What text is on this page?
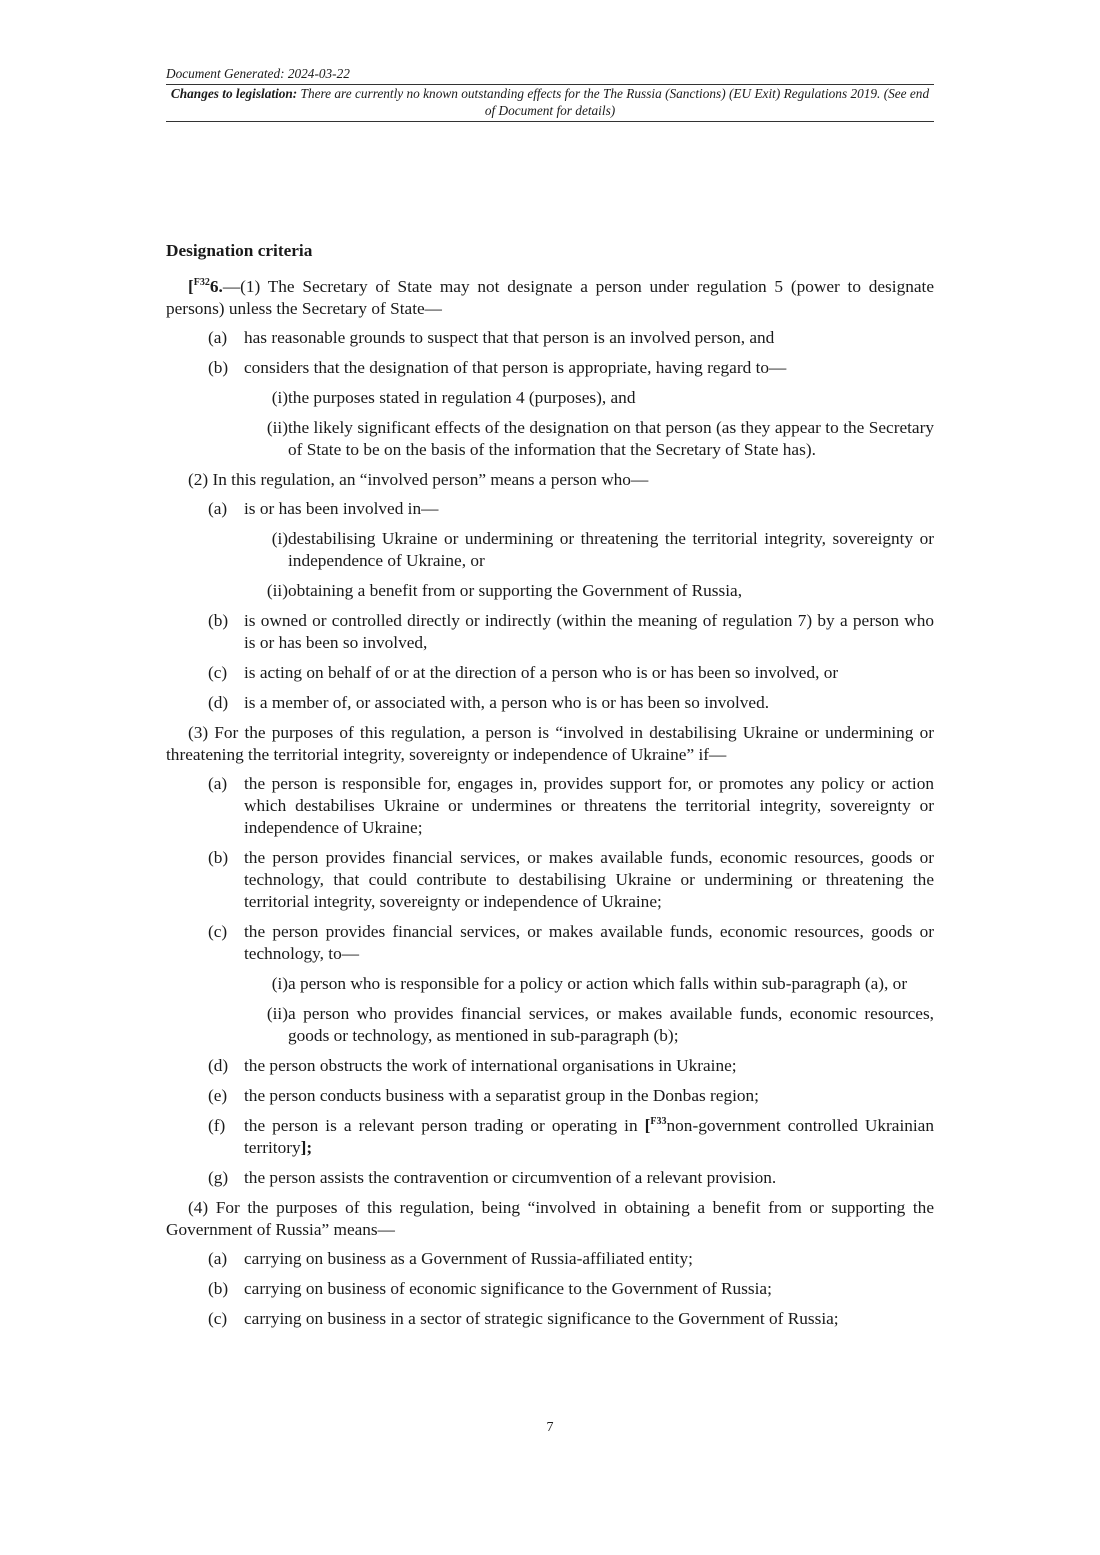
Document Generated: 2024-03-22
Changes to legislation: There are currently no known outstanding effects for the The Russia (Sanctions) (EU Exit) Regulations 2019. (See end of Document for details)
Designation criteria

[$^{F32}$6.—(1) The Secretary of State may not designate a person under regulation 5 (power to designate persons) unless the Secretary of State—

(a) has reasonable grounds to suspect that that person is an involved person, and
(b) considers that the designation of that person is appropriate, having regard to—
(i) the purposes stated in regulation 4 (purposes), and
(ii) the likely significant effects of the designation on that person (as they appear to the Secretary of State to be on the basis of the information that the Secretary of State has).

(2) In this regulation, an “involved person” means a person who—

(a) is or has been involved in—
(i) destabilising Ukraine or undermining or threatening the territorial integrity, sovereignty or independence of Ukraine, or
(ii) obtaining a benefit from or supporting the Government of Russia,
(b) is owned or controlled directly or indirectly (within the meaning of regulation 7) by a person who is or has been so involved,
(c) is acting on behalf of or at the direction of a person who is or has been so involved, or
(d) is a member of, or associated with, a person who is or has been so involved.

(3) For the purposes of this regulation, a person is “involved in destabilising Ukraine or undermining or threatening the territorial integrity, sovereignty or independence of Ukraine” if—

(a) the person is responsible for, engages in, provides support for, or promotes any policy or action which destabilises Ukraine or undermines or threatens the territorial integrity, sovereignty or independence of Ukraine;
(b) the person provides financial services, or makes available funds, economic resources, goods or technology, that could contribute to destabilising Ukraine or undermining or threatening the territorial integrity, sovereignty or independence of Ukraine;
(c) the person provides financial services, or makes available funds, economic resources, goods or technology, to—
(i) a person who is responsible for a policy or action which falls within sub-paragraph (a), or
(ii) a person who provides financial services, or makes available funds, economic resources, goods or technology, as mentioned in sub-paragraph (b);
(d) the person obstructs the work of international organisations in Ukraine;
(e) the person conducts business with a separatist group in the Donbas region;
(f)	the person is a relevant person trading or operating in [$^{F33}$non-government controlled Ukrainian territory];
(g) the person assists the contravention or circumvention of a relevant provision.

(4) For the purposes of this regulation, being “involved in obtaining a benefit from or supporting the Government of Russia” means—

(a) carrying on business as a Government of Russia-affiliated entity;
(b) carrying on business of economic significance to the Government of Russia;
(c) carrying on business in a sector of strategic significance to the Government of Russia;
7
